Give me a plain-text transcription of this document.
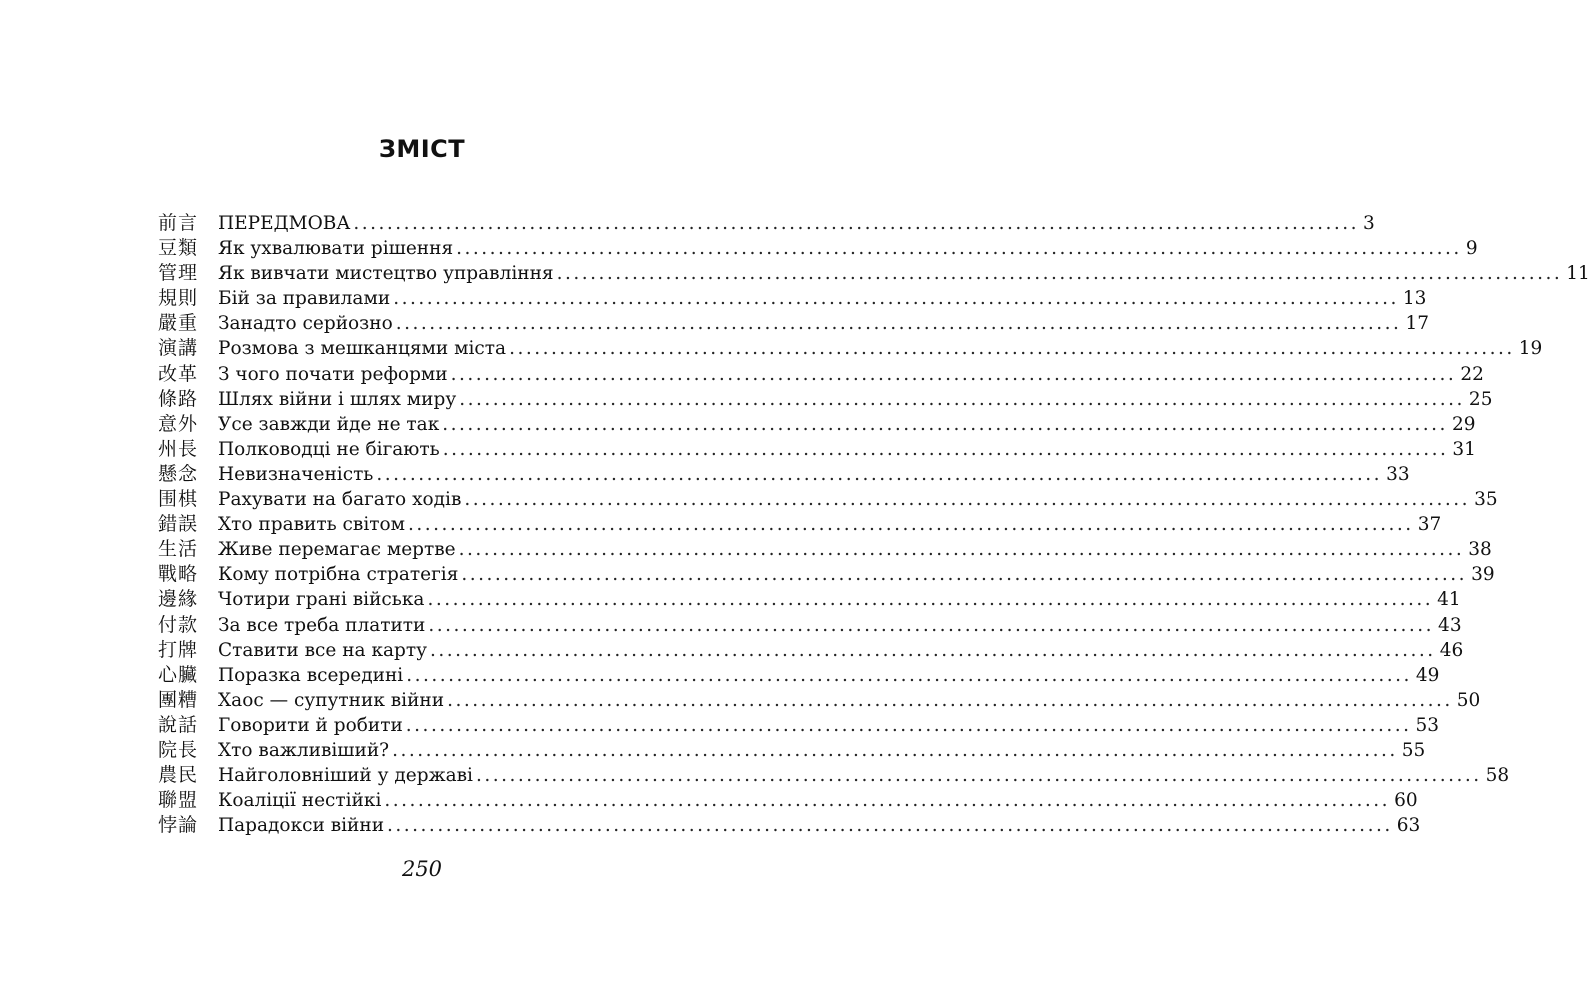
ЗМІСТ
前言	ПЕРЕДМОВА ........................................................................................................................ 3
豆類	Як ухвалювати рішення ........................................................................................................................ 9
管理	Як вивчати мистецтво управління ........................................................................................................................ 11
規則	Бій за правилами ........................................................................................................................ 13
嚴重	Занадто серйозно ........................................................................................................................ 17
演講	Розмова з мешканцями міста ........................................................................................................................ 19
改革	З чого почати реформи ........................................................................................................................ 22
條路	Шлях війни і шлях миру ........................................................................................................................ 25
意外	Усе завжди йде не так ........................................................................................................................ 29
州長	Полководці не бігають ........................................................................................................................ 31
懸念	Невизначеність ........................................................................................................................ 33
围棋	Рахувати на багато ходів ........................................................................................................................ 35
錯誤	Хто править світом ........................................................................................................................ 37
生活	Живе перемагає мертве ........................................................................................................................ 38
戰略	Кому потрібна стратегія ........................................................................................................................ 39
邊緣	Чотири грані війська ........................................................................................................................ 41
付款	За все треба платити ........................................................................................................................ 43
打牌	Ставити все на карту ........................................................................................................................ 46
心臟	Поразка всередині ........................................................................................................................ 49
團糟	Хаос — супутник війни ........................................................................................................................ 50
說話	Говорити й робити ........................................................................................................................ 53
院長	Хто важливіший? ........................................................................................................................ 55
農民	Найголовніший у державі ........................................................................................................................ 58
聯盟	Коаліції нестійкі ........................................................................................................................ 60
悖論	Парадокси війни ........................................................................................................................ 63
250
